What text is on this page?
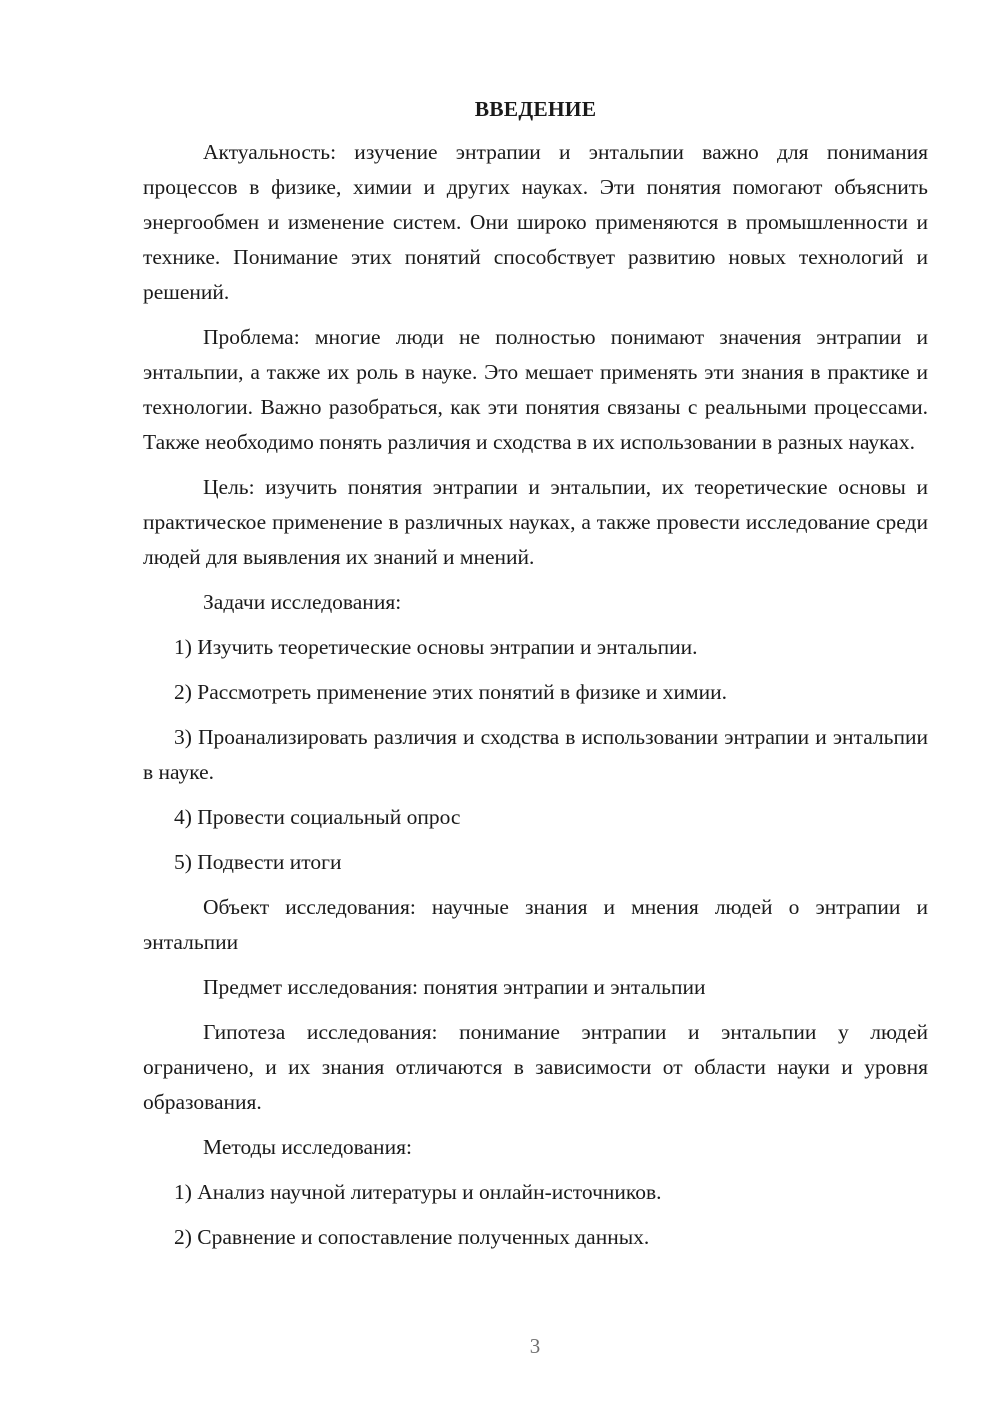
ВВЕДЕНИЕ

Актуальность: изучение энтрапии и энтальпии важно для понимания процессов в физике, химии и других науках. Эти понятия помогают объяснить энергообмен и изменение систем. Они широко применяются в промышленности и технике. Понимание этих понятий способствует развитию новых технологий и решений.

Проблема: многие люди не полностью понимают значения энтрапии и энтальпии, а также их роль в науке. Это мешает применять эти знания в практике и технологии. Важно разобраться, как эти понятия связаны с реальными процессами. Также необходимо понять различия и сходства в их использовании в разных науках.

Цель: изучить понятия энтрапии и энтальпии, их теоретические основы и практическое применение в различных науках, а также провести исследование среди людей для выявления их знаний и мнений.

Задачи исследования:

1) Изучить теоретические основы энтрапии и энтальпии.

2) Рассмотреть применение этих понятий в физике и химии.

3) Проанализировать различия и сходства в использовании энтрапии и энтальпии в науке.

4) Провести социальный опрос

5) Подвести итоги

Объект исследования: научные знания и мнения людей о энтрапии и энтальпии

Предмет исследования: понятия энтрапии и энтальпии

Гипотеза исследования: понимание энтрапии и энтальпии у людей ограничено, и их знания отличаются в зависимости от области науки и уровня образования.

Методы исследования:

1) Анализ научной литературы и онлайн-источников.

2) Сравнение и сопоставление полученных данных.

3
